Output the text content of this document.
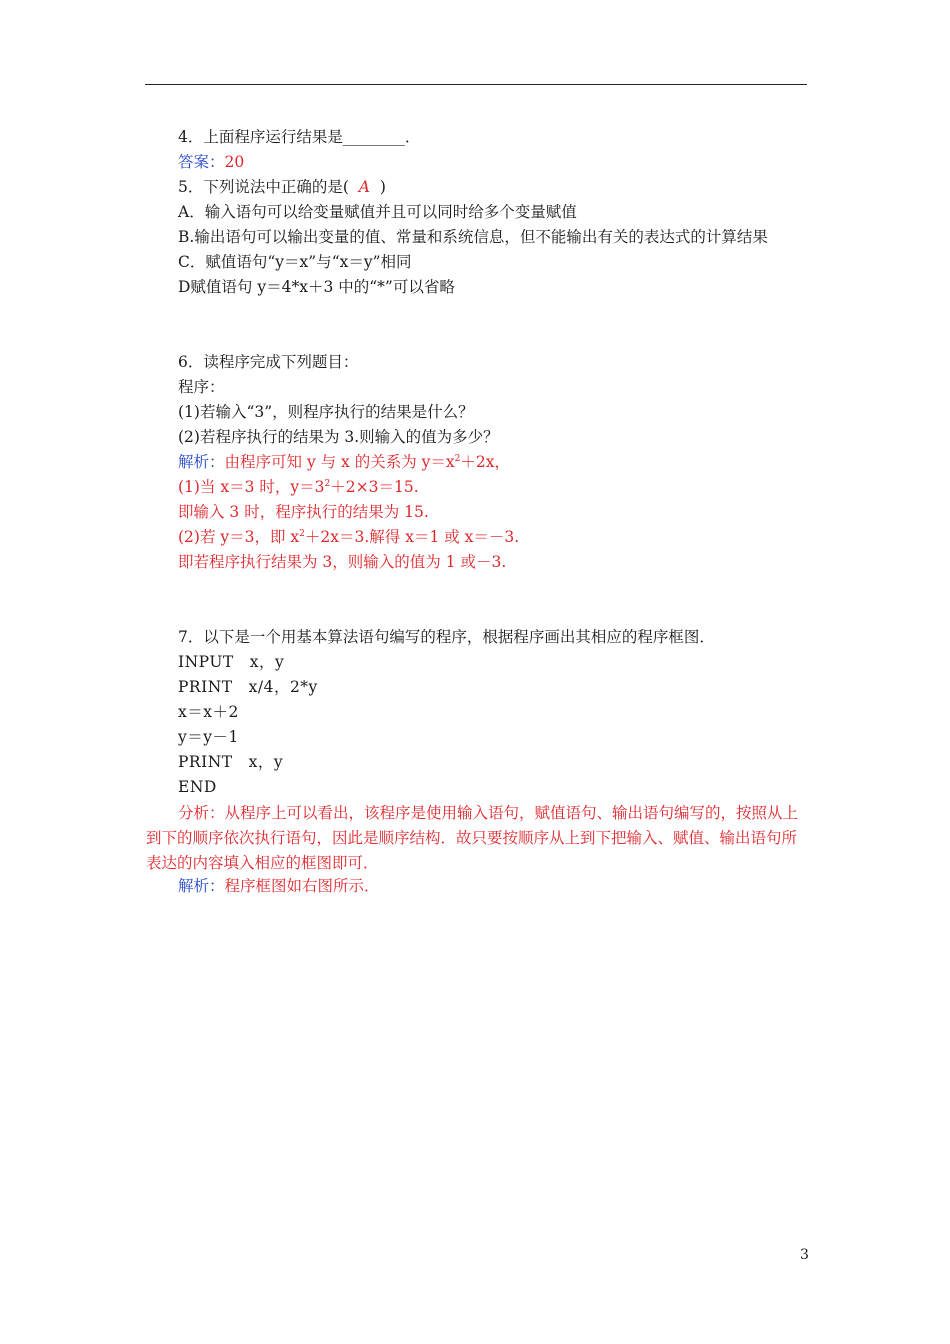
4．上面程序运行结果是________．
答案：20
5．下列说法中正确的是( A )
A．输入语句可以给变量赋值并且可以同时给多个变量赋值
B.输出语句可以输出变量的值、常量和系统信息，但不能输出有关的表达式的计算结果
C．赋值语句“y＝x”与“x＝y”相同
D赋值语句 y＝4*x＋3 中的“*”可以省略
6．读程序完成下列题目：
程序：
(1)若输入“3”，则程序执行的结果是什么？
(2)若程序执行的结果为 3.则输入的值为多少？
解析：由程序可知 y 与 x 的关系为 $y=x^2+2x$，
(1)当 x＝3 时，$y=3^2+2\times 3=15$.
即输入 3 时，程序执行的结果为 15.
(2)若 y＝3，即 $x^2+2x=3$.解得 x＝1 或 x＝－3.
即若程序执行结果为 3，则输入的值为 1 或－3.
7．以下是一个用基本算法语句编写的程序，根据程序画出其相应的程序框图．
INPUT　x，y
PRINT　x/4，2*y
x＝x＋2
y＝y－1
PRINT　x，y
END
分析：从程序上可以看出，该程序是使用输入语句，赋值语句、输出语句编写的，按照从上到下的顺序依次执行语句，因此是顺序结构．故只要按顺序从上到下把输入、赋值、输出语句所表达的内容填入相应的框图即可．
解析：程序框图如右图所示．
3
